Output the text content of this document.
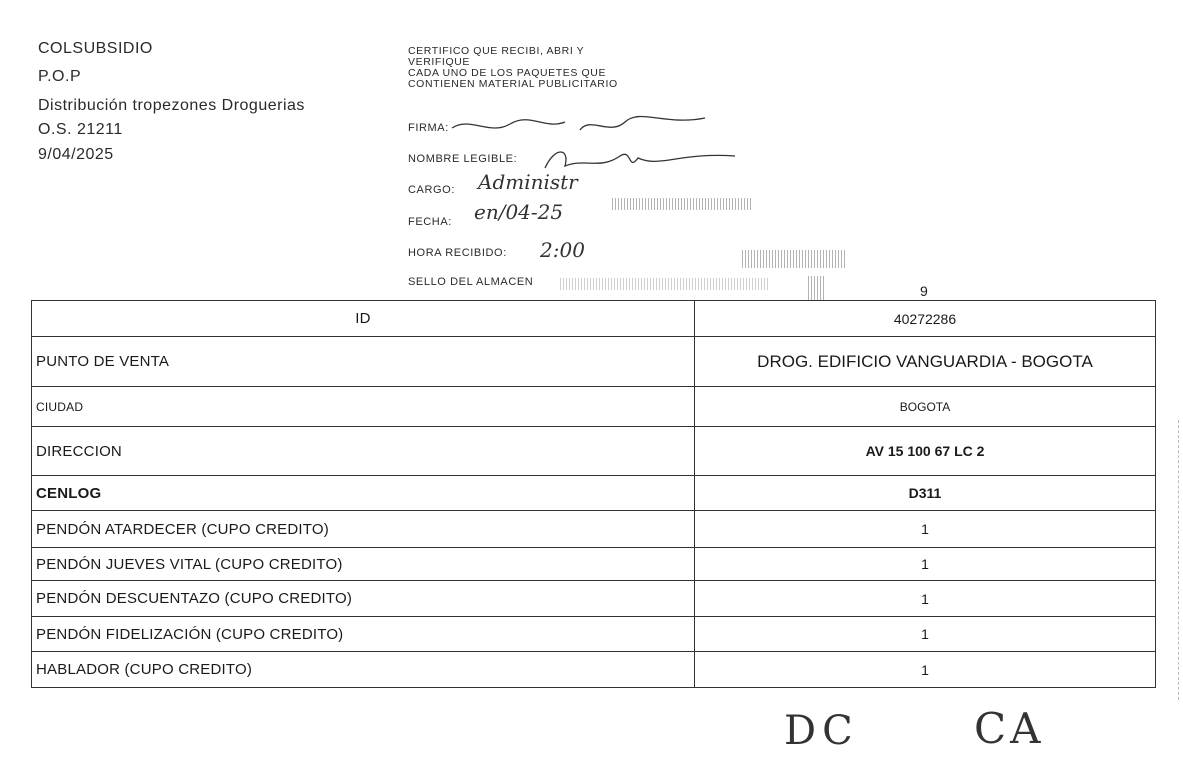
COLSUBSIDIO
P.O.P
Distribución tropezones Droguerias
O.S. 21211
9/04/2025
CERTIFICO QUE RECIBI, ABRI Y
VERIFIQUE
CADA UNO DE LOS PAQUETES QUE
CONTIENEN MATERIAL PUBLICITARIO
FIRMA:
NOMBRE LEGIBLE:
CARGO: Administr
FECHA: en/04-25
HORA RECIBIDO: 2:00
SELLO DEL ALMACEN
9
ID	40272286
PUNTO DE VENTA	DROG. EDIFICIO VANGUARDIA - BOGOTA
CIUDAD	BOGOTA
DIRECCION	AV 15 100 67 LC 2
CENLOG	D311
PENDÓN ATARDECER (CUPO CREDITO)	1
PENDÓN JUEVES VITAL (CUPO CREDITO)	1
PENDÓN DESCUENTAZO (CUPO CREDITO)	1
PENDÓN FIDELIZACIÓN (CUPO CREDITO)	1
HABLADOR (CUPO CREDITO)	1
DC	CA
